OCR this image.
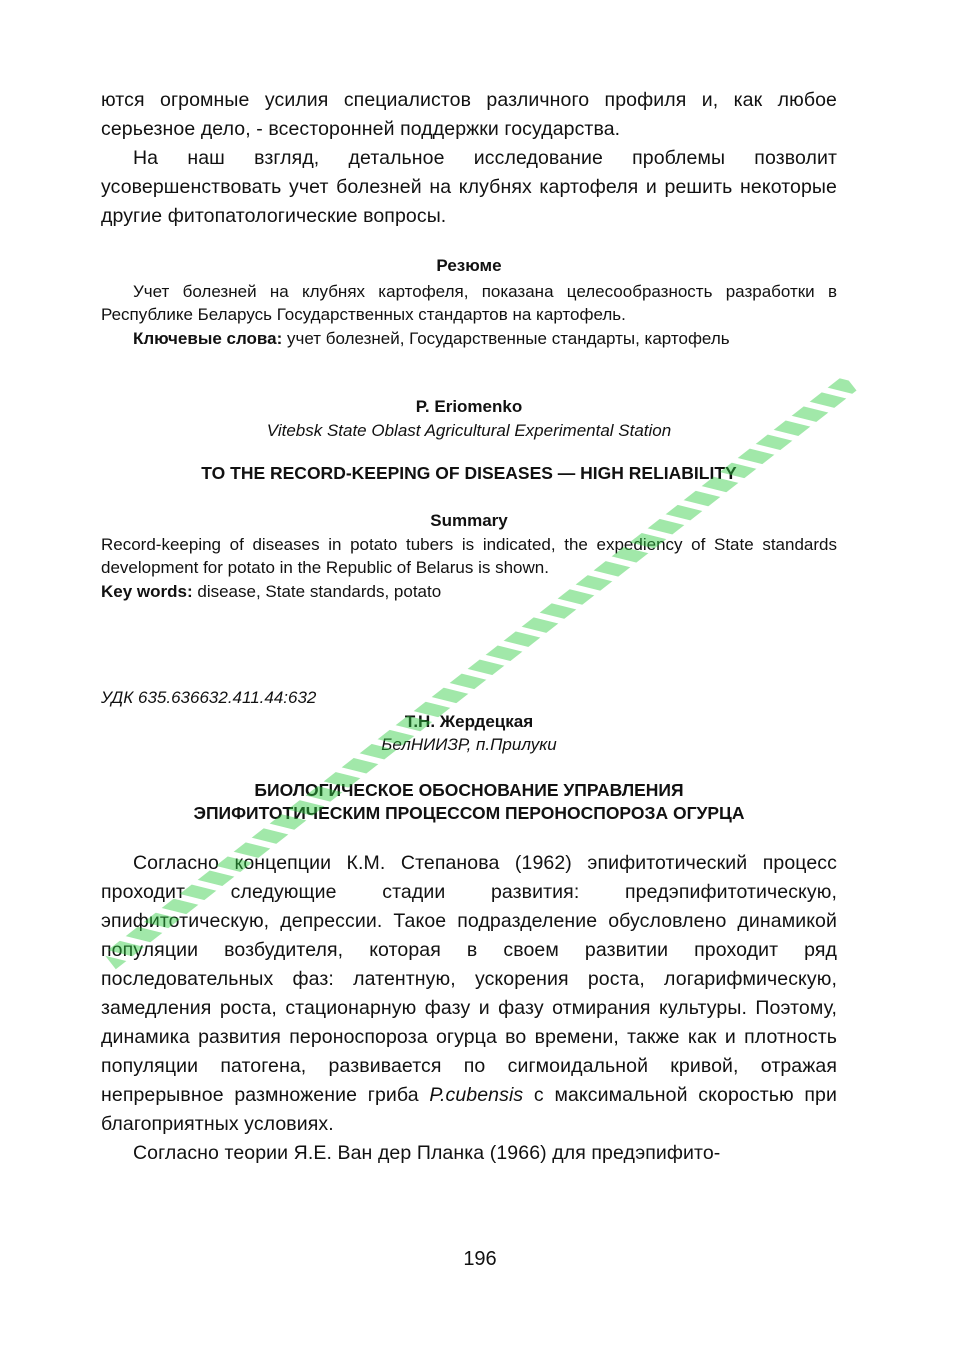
ются огромные усилия специалистов различного профиля и, как любое серьезное дело, - всесторонней поддержки государства.

На наш взгляд, детальное исследование проблемы позволит усовершенствовать учет болезней на клубнях картофеля и решить некоторые другие фитопатологические вопросы.

Резюме

Учет болезней на клубнях картофеля, показана целесообразность разработки в Республике Беларусь Государственных стандартов на картофель.

Ключевые слова: учет болезней, Государственные стандарты, картофель

P. Eriomenko

Vitebsk State Oblast Agricultural Experimental Station

TO THE RECORD-KEEPING OF DISEASES — HIGH RELIABILITY

Summary

Record-keeping of diseases in potato tubers is indicated, the expediency of State standards development for potato in the Republic of Belarus is shown.

Key words: disease, State standards, potato

УДК 635.636632.411.44:632

Т.Н. Жердецкая

БелНИИЗР, п.Прилуки

БИОЛОГИЧЕСКОЕ ОБОСНОВАНИЕ УПРАВЛЕНИЯ

ЭПИФИТОТИЧЕСКИМ ПРОЦЕССОМ ПЕРОНОСПОРОЗА ОГУРЦА

Согласно концепции К.М. Степанова (1962) эпифитотический процесс проходит следующие стадии развития: предэпифитотическую, эпифитотическую, депрессии. Такое подразделение обусловлено динамикой популяции возбудителя, которая в своем развитии проходит ряд последовательных фаз: латентную, ускорения роста, логарифмическую, замедления роста, стационарную фазу и фазу отмирания культуры. Поэтому, динамика развития пероноспороза огурца во времени, также как и плотность популяции патогена, развивается по сигмоидальной кривой, отражая непрерывное размножение гриба P.cubensis с максимальной скоростью при благоприятных условиях.

Согласно теории Я.Е. Ван дер Планка (1966) для предэпифито-

196
